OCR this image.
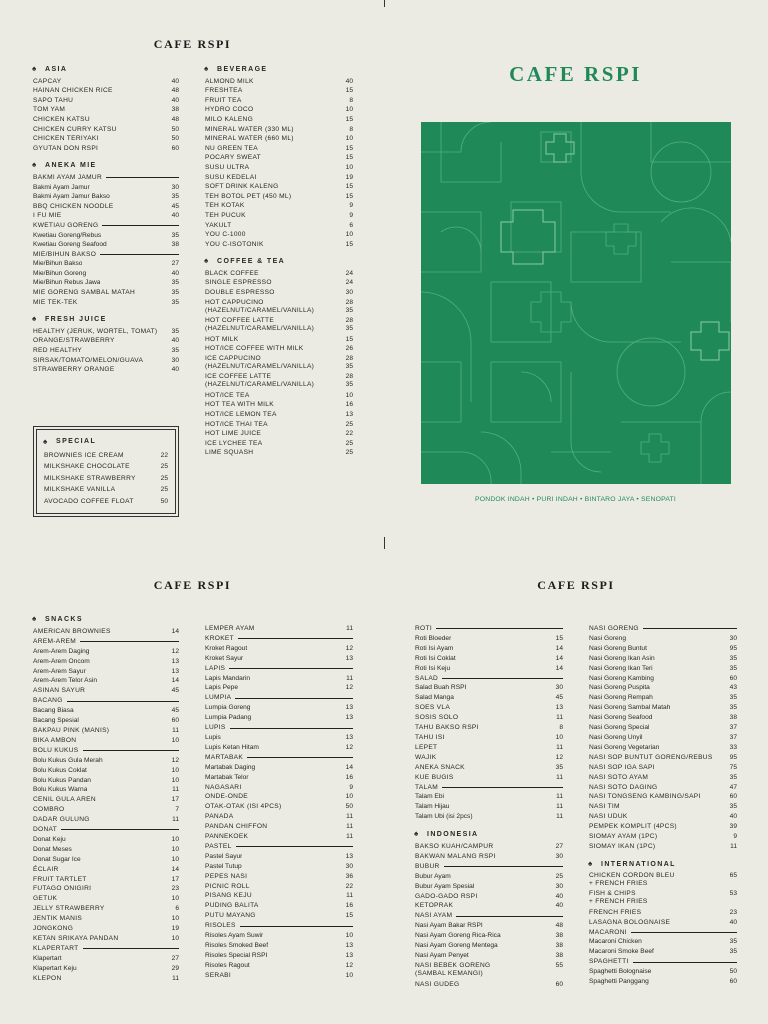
CAFE RSPI
♠
ASIA
CAPCAY	40
HAINAN CHICKEN RICE	48
SAPO TAHU	40
TOM YAM	38
CHICKEN KATSU	48
CHICKEN CURRY KATSU	50
CHICKEN TERIYAKI	50
GYUTAN DON RSPI	60
♠
ANEKA MIE
BAKMI AYAM JAMUR
Bakmi Ayam Jamur	30
Bakmi Ayam Jamur Bakso	35
BBQ CHICKEN NOODLE	45
I FU MIE	40
KWETIAU GORENG
Kwetiau Goreng/Rebus	35
Kwetiau Goreng Seafood	38
MIE/BIHUN BAKSO
Mie/Bihun Bakso	27
Mie/Bihun Goreng	40
Mie/Bihun Rebus Jawa	35
MIE GORENG SAMBAL MATAH	35
MIE TEK-TEK	35
♠
FRESH JUICE
HEALTHY (JERUK, WORTEL, TOMAT)	35
ORANGE/STRAWBERRY	40
RED HEALTHY	35
SIRSAK/TOMATO/MELON/GUAVA	30
STRAWBERRY ORANGE	40
♠
BEVERAGE
ALMOND MILK	40
FRESHTEA	15
FRUIT TEA	8
HYDRO COCO	10
MILO KALENG	15
MINERAL WATER (330 ML)	8
MINERAL WATER (660 ML)	10
NU GREEN TEA	15
POCARY SWEAT	15
SUSU ULTRA	10
SUSU KEDELAI	19
SOFT DRINK KALENG	15
TEH BOTOL PET (450 ML)	15
TEH KOTAK	9
TEH PUCUK	9
YAKULT	6
YOU C-1000	10
YOU C-ISOTONIK	15
♠
COFFEE & TEA
BLACK COFFEE	24
SINGLE ESPRESSO	24
DOUBLE ESPRESSO	30
HOT CAPPUCINO	28
(HAZELNUT/CARAMEL/VANILLA)	35
HOT COFFEE LATTE	28
(HAZELNUT/CARAMEL/VANILLA)	35
HOT MILK	15
HOT/ICE COFFEE WITH MILK	26
ICE CAPPUCINO	28
(HAZELNUT/CARAMEL/VANILLA)	35
ICE COFFEE LATTE	28
(HAZELNUT/CARAMEL/VANILLA)	35
HOT/ICE TEA	10
HOT TEA WITH MILK	16
HOT/ICE LEMON TEA	13
HOT/ICE THAI TEA	25
HOT LIME JUICE	22
ICE LYCHEE TEA	25
LIME SQUASH	25
♠
SPECIAL
BROWNIES ICE CREAM	22
MILKSHAKE CHOCOLATE	25
MILKSHAKE STRAWBERRY	25
MILKSHAKE VANILLA	25
AVOCADO COFFEE FLOAT	50
CAFE RSPI
PONDOK INDAH • PURI INDAH • BINTARO JAYA • SENOPATI
CAFE RSPI	CAFE RSPI
♠
SNACKS
AMERICAN BROWNIES	14
AREM-AREM
Arem-Arem Daging	12
Arem-Arem Oncom	13
Arem-Arem Sayur	13
Arem-Arem Telor Asin	14
ASINAN SAYUR	45
BACANG
Bacang Biasa	45
Bacang Spesial	60
BAKPAU PINK (MANIS)	11
BIKA AMBON	10
BOLU KUKUS
Bolu Kukus Gula Merah	12
Bolu Kukus Coklat	10
Bolu Kukus Pandan	10
Bolu Kukus Warna	11
CENIL GULA AREN	17
COMBRO	7
DADAR GULUNG	11
DONAT
Donat Keju	10
Donat Meses	10
Donat Sugar Ice	10
ÉCLAIR	14
FRUIT TARTLET	17
FUTAGO ONIGIRI	23
GETUK	10
JELLY STRAWBERRY	6
JENTIK MANIS	10
JONGKONG	19
KETAN SRIKAYA PANDAN	10
KLAPERTART
Klapertart	27
Klapertart Keju	29
KLEPON	11
LEMPER AYAM	11
KROKET
Kroket Ragout	12
Kroket Sayur	13
LAPIS
Lapis Mandarin	11
Lapis Pepe	12
LUMPIA
Lumpia Goreng	13
Lumpia Padang	13
LUPIS
Lupis	13
Lupis Ketan Hitam	12
MARTABAK
Martabak Daging	14
Martabak Telor	16
NAGASARI	9
ONDE-ONDE	10
OTAK-OTAK (ISI 4PCS)	50
PANADA	11
PANDAN CHIFFON	11
PANNEKOEK	11
PASTEL
Pastel Sayur	13
Pastel Tutup	30
PEPES NASI	36
PICNIC ROLL	22
PISANG KEJU	11
PUDING BALITA	16
PUTU MAYANG	15
RISOLES
Risoles Ayam Suwir	10
Risoles Smoked Beef	13
Risoles Special RSPI	13
Risoles Ragout	12
SERABI	10
ROTI
Roti Bloeder	15
Roti Isi Ayam	14
Roti Isi Coklat	14
Roti Isi Keju	14
SALAD
Salad Buah RSPI	30
Salad Manga	45
SOES VLA	13
SOSIS SOLO	11
TAHU BAKSO RSPI	8
TAHU ISI	10
LEPET	11
WAJIK	12
ANEKA SNACK	35
KUE BUGIS	11
TALAM
Talam Ebi	11
Talam Hijau	11
Talam Ubi (isi 2pcs)	11
♠
INDONESIA
BAKSO KUAH/CAMPUR	27
BAKWAN MALANG RSPI	30
BUBUR
Bubur Ayam	25
Bubur Ayam Spesial	30
GADO-GADO RSPI	40
KETOPRAK	40
NASI AYAM
Nasi Ayam Bakar RSPI	48
Nasi Ayam Goreng Rica-Rica	38
Nasi Ayam Goreng Mentega	38
Nasi Ayam Penyet	38
NASI BEBEK GORENG	55
(SAMBAL KEMANGI)
NASI GUDEG	60
NASI GORENG
Nasi Goreng	30
Nasi Goreng Buntut	95
Nasi Goreng Ikan Asin	35
Nasi Goreng Ikan Teri	35
Nasi Goreng Kambing	60
Nasi Goreng Puspita	43
Nasi Goreng Rempah	35
Nasi Goreng Sambal Matah	35
Nasi Goreng Seafood	38
Nasi Goreng Special	37
Nasi Goreng Unyil	37
Nasi Goreng Vegetarian	33
NASI SOP BUNTUT GORENG/REBUS	95
NASI SOP IGA SAPI	75
NASI SOTO AYAM	35
NASI SOTO DAGING	47
NASI TONGSENG KAMBING/SAPI	60
NASI TIM	35
NASI UDUK	40
PEMPEK KOMPLIT (4PCS)	39
SIOMAY AYAM (1PC)	9
SIOMAY IKAN (1PC)	11
♠
INTERNATIONAL
CHICKEN CORDON BLEU	65
+ FRENCH FRIES
FISH & CHIPS	53
+ FRENCH FRIES
FRENCH FRIES	23
LASAGNA BOLOGNAISE	40
MACARONI
Macaroni Chicken	35
Macaroni Smoke Beef	35
SPAGHETTI
Spaghetti Bolognaise	50
Spaghetti Panggang	60
